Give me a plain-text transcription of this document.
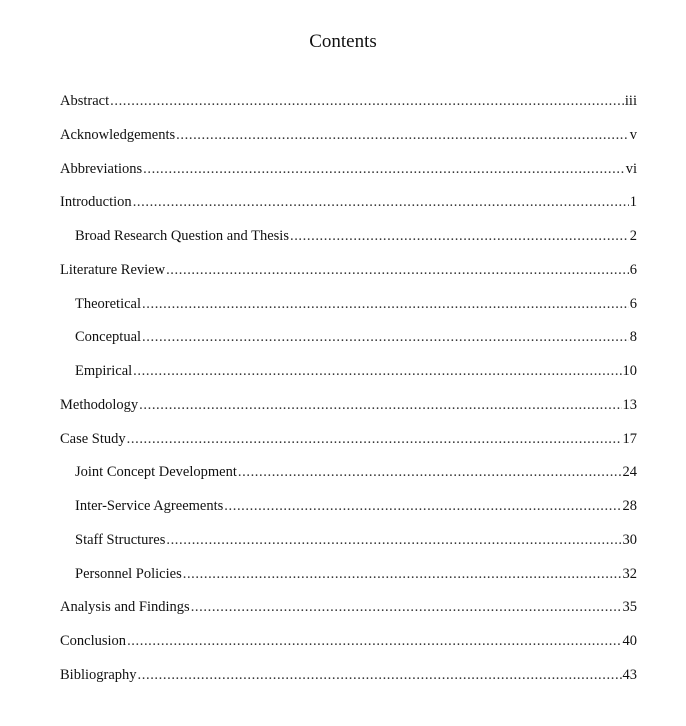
Contents
Abstract .....	iii
Acknowledgements .....	v
Abbreviations .....	vi
Introduction .....	1
Broad Research Question and Thesis .....	2
Literature Review .....	6
Theoretical .....	6
Conceptual .....	8
Empirical .....	10
Methodology .....	13
Case Study .....	17
Joint Concept Development .....	24
Inter-Service Agreements .....	28
Staff Structures .....	30
Personnel Policies .....	32
Analysis and Findings .....	35
Conclusion .....	40
Bibliography .....	43
